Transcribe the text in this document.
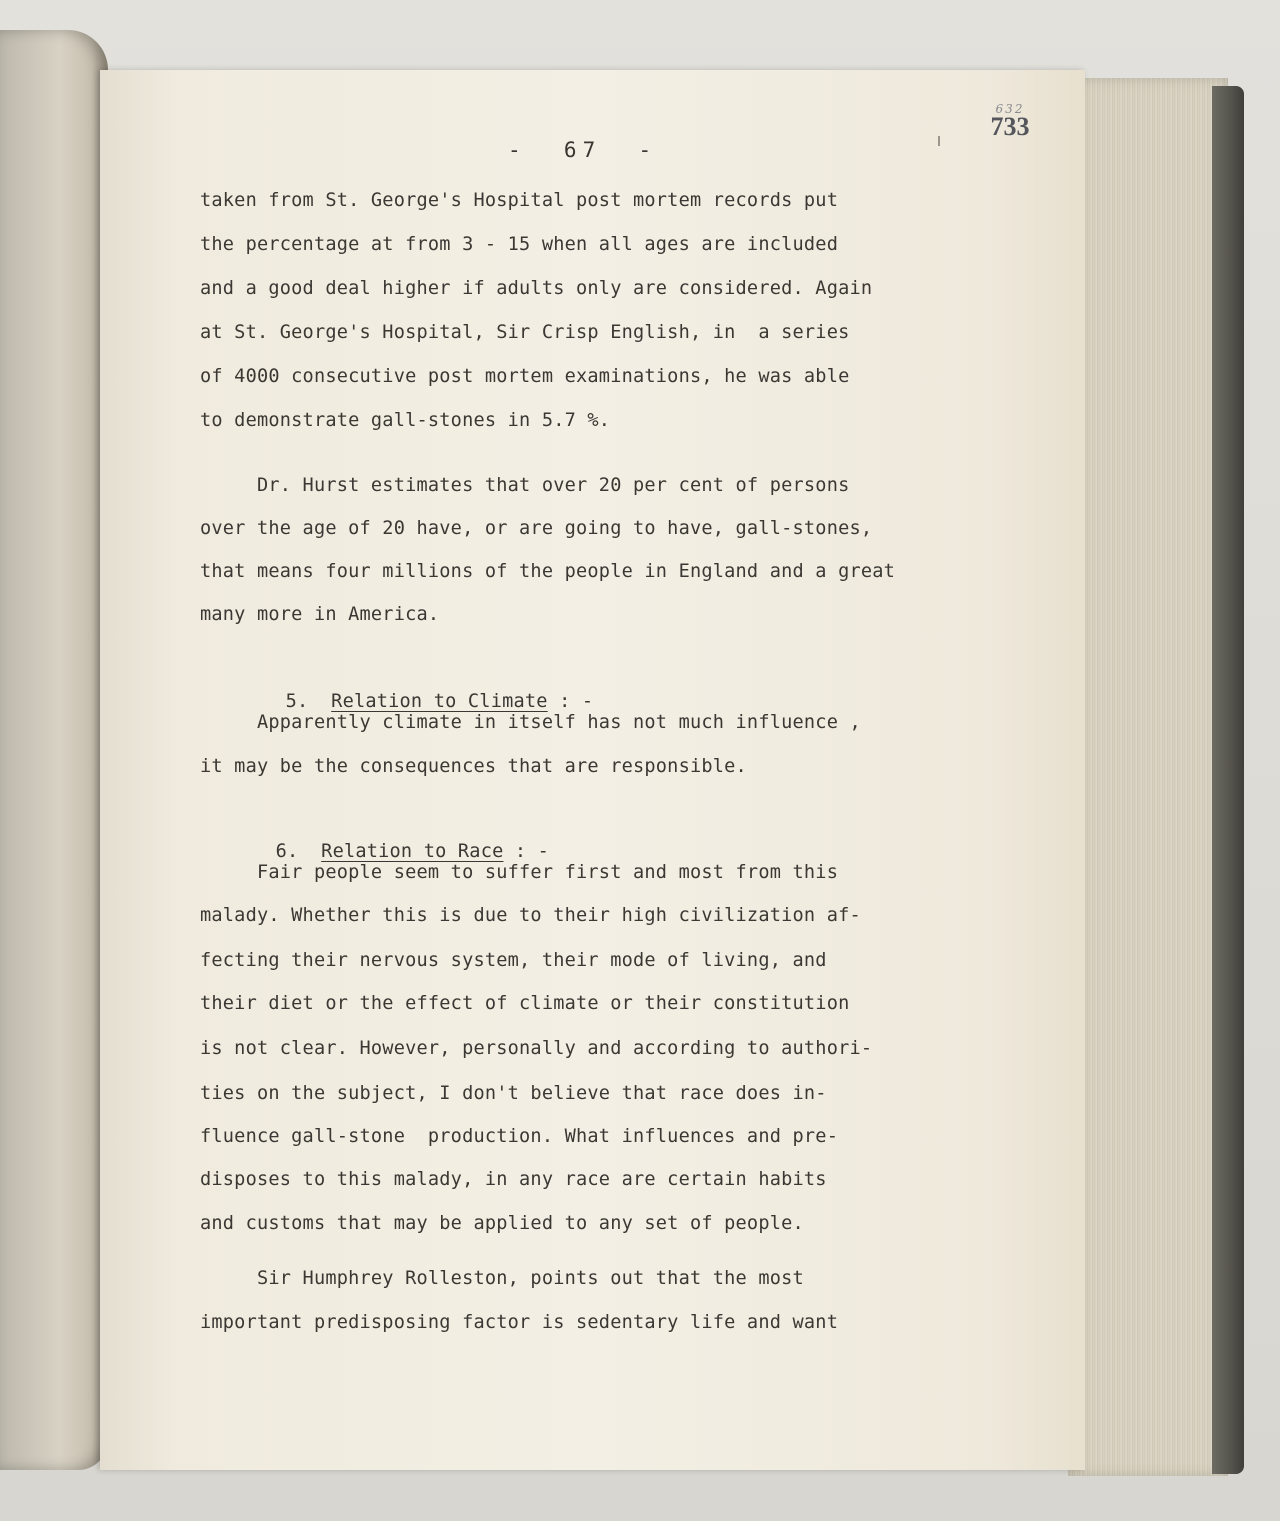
-  67  -
632
733
taken from St. George's Hospital post mortem records put
the percentage at from 3 - 15 when all ages are included
and a good deal higher if adults only are considered. Again
at St. George's Hospital, Sir Crisp English, in  a series
of 4000 consecutive post mortem examinations, he was able
to demonstrate gall-stones in 5.7 %.
Dr. Hurst estimates that over 20 per cent of persons
over the age of 20 have, or are going to have, gall-stones,
that means four millions of the people in England and a great
many more in America.

5. Relation to Climate : -

Apparently climate in itself has not much influence ,
it may be the consequences that are responsible.

6. Relation to Race : -

Fair people seem to suffer first and most from this
malady. Whether this is due to their high civilization af-
fecting their nervous system, their mode of living, and
their diet or the effect of climate or their constitution
is not clear. However, personally and according to authori-
ties on the subject, I don't believe that race does in-
fluence gall-stone  production. What influences and pre-
disposes to this malady, in any race are certain habits
and customs that may be applied to any set of people.
Sir Humphrey Rolleston, points out that the most
important predisposing factor is sedentary life and want
